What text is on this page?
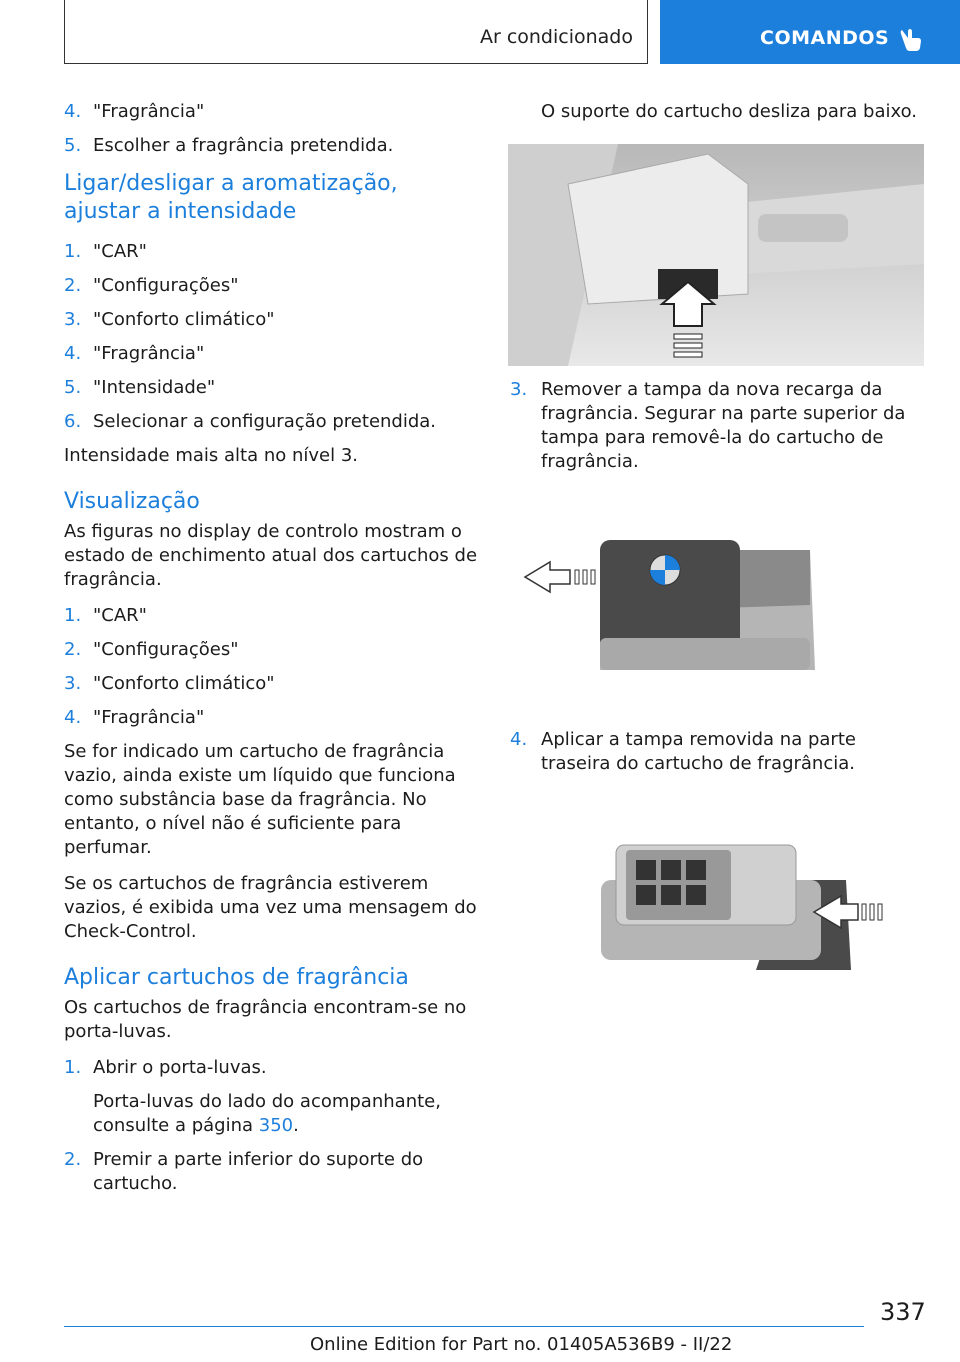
Ar condicionado	COMANDOS
4. "Fragrância"
5. Escolher a fragrância pretendida.
Ligar/desligar a aromatização, ajustar a intensidade
1. "CAR"
2. "Configurações"
3. "Conforto climático"
4. "Fragrância"
5. "Intensidade"
6. Selecionar a configuração pretendida.

Intensidade mais alta no nível 3.

Visualização

As figuras no display de controlo mostram o estado de enchimento atual dos cartuchos de fragrância.

1. "CAR"
2. "Configurações"
3. "Conforto climático"
4. "Fragrância"

Se for indicado um cartucho de fragrância vazio, ainda existe um líquido que funciona como substância base da fragrância. No entanto, o nível não é suficiente para perfumar.

Se os cartuchos de fragrância estiverem vazios, é exibida uma vez uma mensagem do Check-Control.

Aplicar cartuchos de fragrância

Os cartuchos de fragrância encontram-se no porta-luvas.

1. Abrir o porta-luvas.
Porta-luvas do lado do acompanhante, consulte a página 350.
2. Premir a parte inferior do suporte do cartucho.

O suporte do cartucho desliza para baixo.

3. Remover a tampa da nova recarga da fragrância. Segurar na parte superior da tampa para removê-la do cartucho de fragrância.
4. Aplicar a tampa removida na parte traseira do cartucho de fragrância.
337
Online Edition for Part no. 01405A536B9 - II/22
